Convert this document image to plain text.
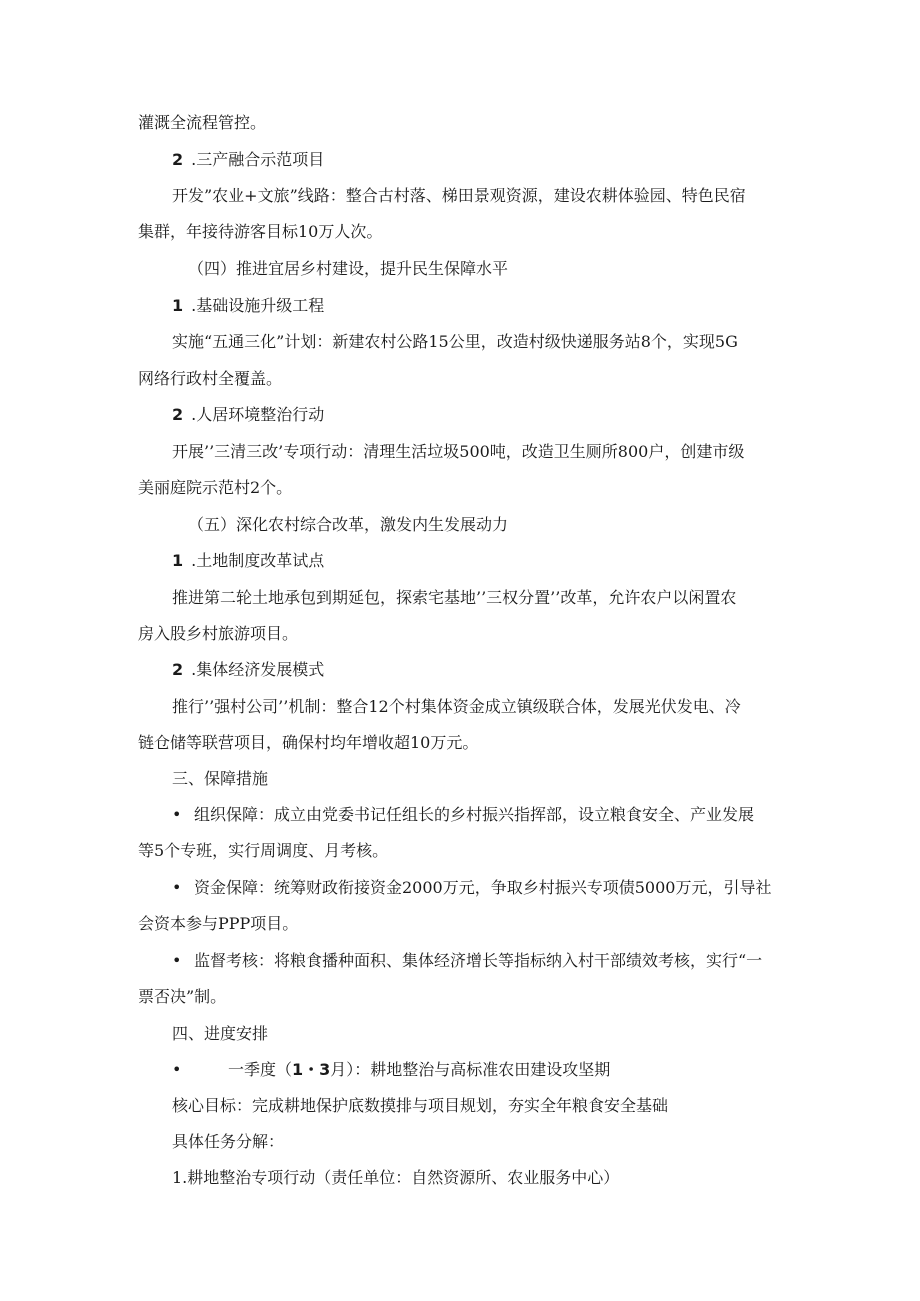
灌溉全流程管控。
2 .三产融合示范项目
开发”农业+文旅”线路：整合古村落、梯田景观资源，建设农耕体验园、特色民宿
集群，年接待游客目标10万人次。
（四）推进宜居乡村建设，提升民生保障水平
1 .基础设施升级工程
实施“五通三化”计划：新建农村公路15公里，改造村级快递服务站8个，实现5G
网络行政村全覆盖。
2 .人居环境整治行动
开展’’三清三改’专项行动：清理生活垃圾500吨，改造卫生厕所800户，创建市级
美丽庭院示范村2个。
（五）深化农村综合改革，激发内生发展动力
1 .土地制度改革试点
推进第二轮土地承包到期延包，探索宅基地’’三权分置’’改革，允许农户以闲置农
房入股乡村旅游项目。
2 .集体经济发展模式
推行’’强村公司’’机制：整合12个村集体资金成立镇级联合体，发展光伏发电、冷
链仓储等联营项目，确保村均年增收超10万元。
三、保障措施
• 组织保障：成立由党委书记任组长的乡村振兴指挥部，设立粮食安全、产业发展
等5个专班，实行周调度、月考核。
• 资金保障：统筹财政衔接资金2000万元，争取乡村振兴专项债5000万元，引导社
会资本参与PPP项目。
• 监督考核：将粮食播种面积、集体经济增长等指标纳入村干部绩效考核，实行“一
票否决”制。
四、进度安排
•	一季度（1・3月）：耕地整治与高标准农田建设攻坚期
核心目标：完成耕地保护底数摸排与项目规划，夯实全年粮食安全基础
具体任务分解：
1.耕地整治专项行动（责任单位：自然资源所、农业服务中心）
